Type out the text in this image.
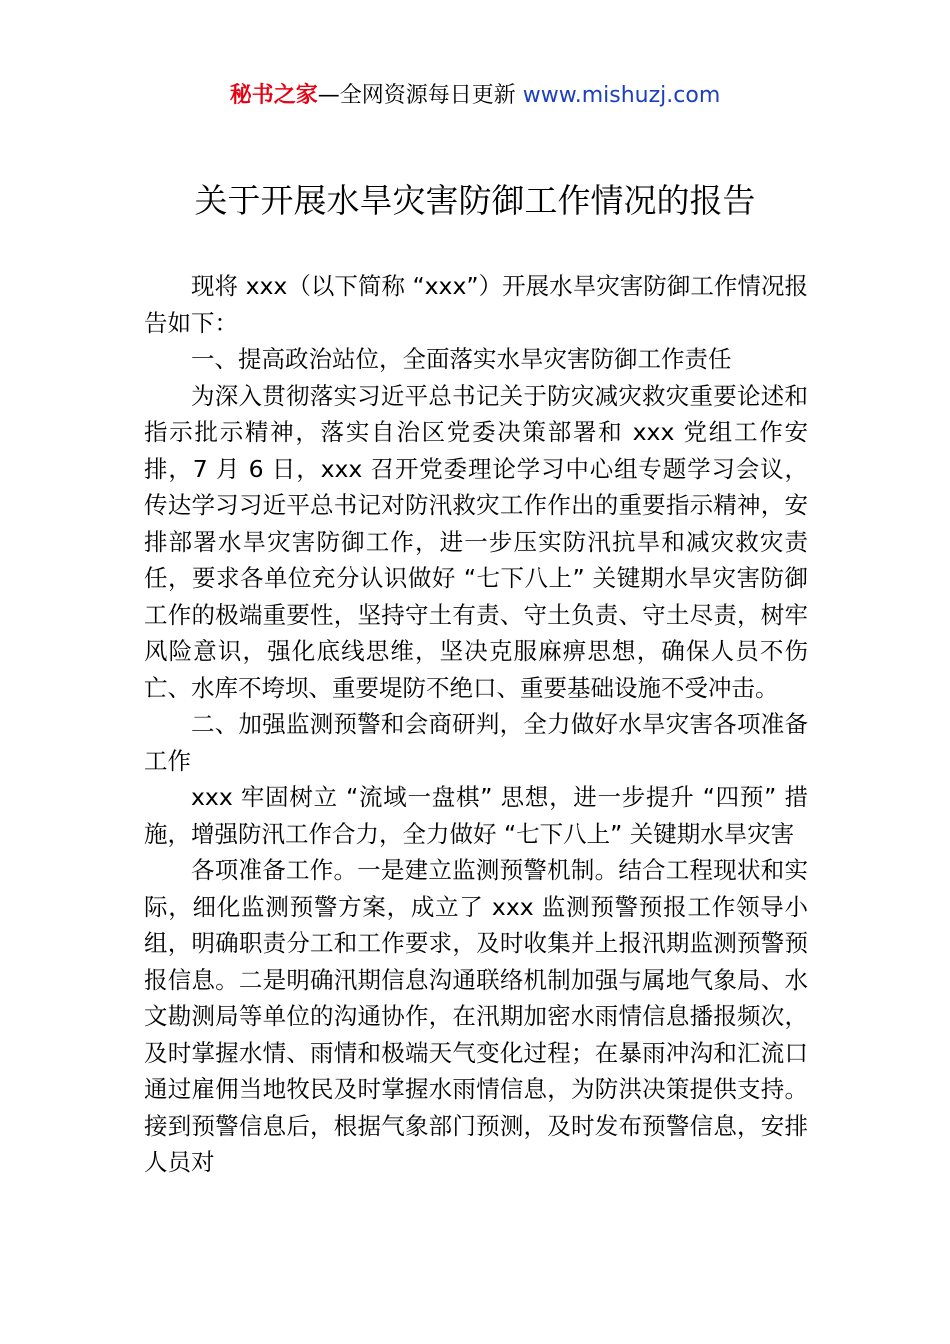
秘书之家—全网资源每日更新 www.mishuzj.com
关于开展水旱灾害防御工作情况的报告

现将 xxx（以下简称 “xxx”）开展水旱灾害防御工作情况报告如下：

一、提高政治站位，全面落实水旱灾害防御工作责任

为深入贯彻落实习近平总书记关于防灾减灾救灾重要论述和指示批示精神，落实自治区党委决策部署和 xxx 党组工作安排，7 月 6 日，xxx 召开党委理论学习中心组专题学习会议，传达学习习近平总书记对防汛救灾工作作出的重要指示精神，安排部署水旱灾害防御工作，进一步压实防汛抗旱和减灾救灾责任，要求各单位充分认识做好 “七下八上” 关键期水旱灾害防御工作的极端重要性，坚持守土有责、守土负责、守土尽责，树牢风险意识，强化底线思维，坚决克服麻痹思想，确保人员不伤亡、水库不垮坝、重要堤防不绝口、重要基础设施不受冲击。

二、加强监测预警和会商研判，全力做好水旱灾害各项准备工作

xxx 牢固树立 “流域一盘棋” 思想，进一步提升 “四预” 措施，增强防汛工作合力，全力做好 “七下八上” 关键期水旱灾害

各项准备工作。一是建立监测预警机制。结合工程现状和实际，细化监测预警方案，成立了 xxx 监测预警预报工作领导小组，明确职责分工和工作要求，及时收集并上报汛期监测预警预报信息。二是明确汛期信息沟通联络机制加强与属地气象局、水文勘测局等单位的沟通协作，在汛期加密水雨情信息播报频次，及时掌握水情、雨情和极端天气变化过程；在暴雨冲沟和汇流口通过雇佣当地牧民及时掌握水雨情信息，为防洪决策提供支持。接到预警信息后，根据气象部门预测，及时发布预警信息，安排人员对
